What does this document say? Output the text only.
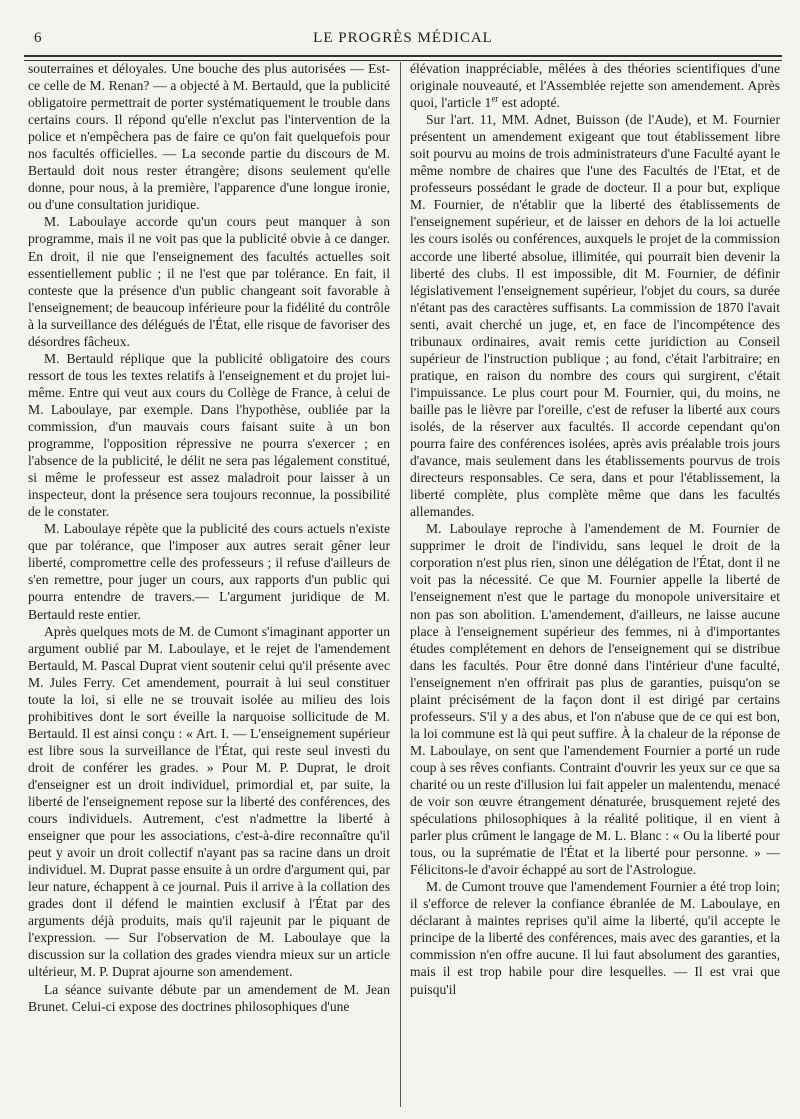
6	LE PROGRÈS MÉDICAL

souterraines et déloyales. Une bouche des plus autorisées — Est-ce celle de M. Renan? — a objecté à M. Bertauld, que la publicité obligatoire permettrait de porter systématiquement le trouble dans certains cours. Il répond qu'elle n'exclut pas l'intervention de la police et n'empêchera pas de faire ce qu'on fait quelquefois pour nos facultés officielles. — La seconde partie du discours de M. Bertauld doit nous rester étrangère; disons seulement qu'elle donne, pour nous, à la première, l'apparence d'une longue ironie, ou d'une consultation juridique.

M. Laboulaye accorde qu'un cours peut manquer à son programme, mais il ne voit pas que la publicité obvie à ce danger. En droit, il nie que l'enseignement des facultés actuelles soit essentiellement public ; il ne l'est que par tolérance. En fait, il conteste que la présence d'un public changeant soit favorable à l'enseignement; de beaucoup inférieure pour la fidélité du contrôle à la surveillance des délégués de l'État, elle risque de favoriser des désordres fâcheux.

M. Bertauld réplique que la publicité obligatoire des cours ressort de tous les textes relatifs à l'enseignement et du projet lui-même. Entre qui veut aux cours du Collège de France, à celui de M. Laboulaye, par exemple. Dans l'hypothèse, oubliée par la commission, d'un mauvais cours faisant suite à un bon programme, l'opposition répressive ne pourra s'exercer ; en l'absence de la publicité, le délit ne sera pas légalement constitué, si même le professeur est assez maladroit pour laisser à un inspecteur, dont la présence sera toujours reconnue, la possibilité de le constater.

M. Laboulaye répète que la publicité des cours actuels n'existe que par tolérance, que l'imposer aux autres serait gêner leur liberté, compromettre celle des professeurs ; il refuse d'ailleurs de s'en remettre, pour juger un cours, aux rapports d'un public qui pourra entendre de travers.— L'argument juridique de M. Bertauld reste entier.

Après quelques mots de M. de Cumont s'imaginant apporter un argument oublié par M. Laboulaye, et le rejet de l'amendement Bertauld, M. Pascal Duprat vient soutenir celui qu'il présente avec M. Jules Ferry. Cet amendement, pourrait à lui seul constituer toute la loi, si elle ne se trouvait isolée au milieu des lois prohibitives dont le sort éveille la narquoise sollicitude de M. Bertauld. Il est ainsi conçu : « Art. I. — L'enseignement supérieur est libre sous la surveillance de l'État, qui reste seul investi du droit de conférer les grades. » Pour M. P. Duprat, le droit d'enseigner est un droit individuel, primordial et, par suite, la liberté de l'enseignement repose sur la liberté des conférences, des cours individuels. Autrement, c'est n'admettre la liberté à enseigner que pour les associations, c'est-à-dire reconnaître qu'il peut y avoir un droit collectif n'ayant pas sa racine dans un droit individuel. M. Duprat passe ensuite à un ordre d'argument qui, par leur nature, échappent à ce journal. Puis il arrive à la collation des grades dont il défend le maintien exclusif à l'État par des arguments déjà produits, mais qu'il rajeunit par le piquant de l'expression. — Sur l'observation de M. Laboulaye que la discussion sur la collation des grades viendra mieux sur un article ultérieur, M. P. Duprat ajourne son amendement.

La séance suivante débute par un amendement de M. Jean Brunet. Celui-ci expose des doctrines philosophiques d'une

élévation inappréciable, mêlées à des théories scientifiques d'une originale nouveauté, et l'Assemblée rejette son amendement. Après quoi, l'article 1er est adopté.

Sur l'art. 11, MM. Adnet, Buisson (de l'Aude), et M. Fournier présentent un amendement exigeant que tout établissement libre soit pourvu au moins de trois administrateurs d'une Faculté ayant le même nombre de chaires que l'une des Facultés de l'Etat, et de professeurs possédant le grade de docteur. Il a pour but, explique M. Fournier, de n'établir que la liberté des établissements de l'enseignement supérieur, et de laisser en dehors de la loi actuelle les cours isolés ou conférences, auxquels le projet de la commission accorde une liberté absolue, illimitée, qui pourrait bien devenir la liberté des clubs. Il est impossible, dit M. Fournier, de définir législativement l'enseignement supérieur, l'objet du cours, sa durée n'étant pas des caractères suffisants. La commission de 1870 l'avait senti, avait cherché un juge, et, en face de l'incompétence des tribunaux ordinaires, avait remis cette juridiction au Conseil supérieur de l'instruction publique ; au fond, c'était l'arbitraire; en pratique, en raison du nombre des cours qui surgirent, c'était l'impuissance. Le plus court pour M. Fournier, qui, du moins, ne baille pas le lièvre par l'oreille, c'est de refuser la liberté aux cours isolés, de la réserver aux facultés. Il accorde cependant qu'on pourra faire des conférences isolées, après avis préalable trois jours d'avance, mais seulement dans les établissements pourvus de trois directeurs responsables. Ce sera, dans et pour l'établissement, la liberté complète, plus complète même que dans les facultés allemandes.

M. Laboulaye reproche à l'amendement de M. Fournier de supprimer le droit de l'individu, sans lequel le droit de la corporation n'est plus rien, sinon une délégation de l'État, dont il ne voit pas la nécessité. Ce que M. Fournier appelle la liberté de l'enseignement n'est que le partage du monopole universitaire et non pas son abolition. L'amendement, d'ailleurs, ne laisse aucune place à l'enseignement supérieur des femmes, ni à d'importantes études complétement en dehors de l'enseignement qui se distribue dans les facultés. Pour être donné dans l'intérieur d'une faculté, l'enseignement n'en offrirait pas plus de garanties, puisqu'on se plaint précisément de la façon dont il est dirigé par certains professeurs. S'il y a des abus, et l'on n'abuse que de ce qui est bon, la loi commune est là qui peut suffire. À la chaleur de la réponse de M. Laboulaye, on sent que l'amendement Fournier a porté un rude coup à ses rêves confiants. Contraint d'ouvrir les yeux sur ce que sa charité ou un reste d'illusion lui fait appeler un malentendu, menacé de voir son œuvre étrangement dénaturée, brusquement rejeté des spéculations philosophiques à la réalité politique, il en vient à parler plus crûment le langage de M. L. Blanc : « Ou la liberté pour tous, ou la suprématie de l'État et la liberté pour personne. » — Félicitons-le d'avoir échappé au sort de l'Astrologue.

M. de Cumont trouve que l'amendement Fournier a été trop loin; il s'efforce de relever la confiance ébranlée de M. Laboulaye, en déclarant à maintes reprises qu'il aime la liberté, qu'il accepte le principe de la liberté des conférences, mais avec des garanties, et la commission n'en offre aucune. Il lui faut absolument des garanties, mais il est trop habile pour dire lesquelles. — Il est vrai que puisqu'il
